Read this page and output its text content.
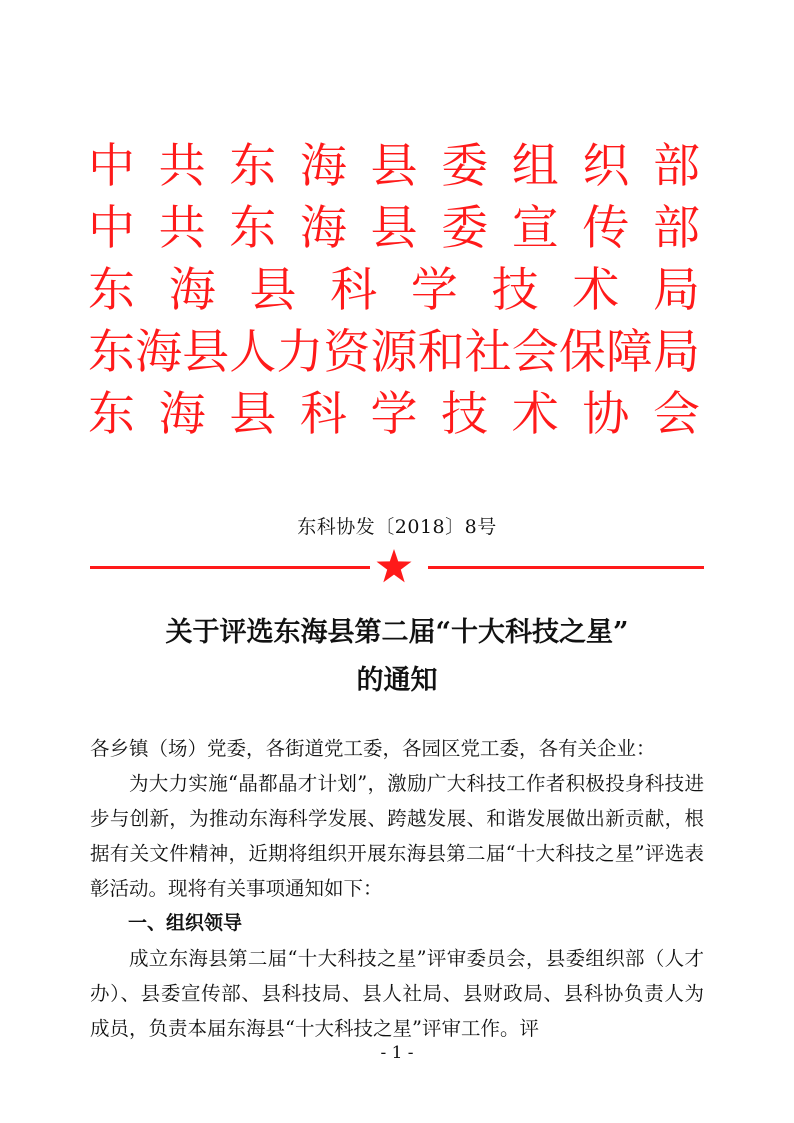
中共东海县委组织部
中共东海县委宣传部
东海县科学技术局
东海县人力资源和社会保障局
东海县科学技术协会
东科协发〔2018〕8号
关于评选东海县第二届“十大科技之星”
的通知

各乡镇（场）党委，各街道党工委，各园区党工委，各有关企业：

为大力实施“晶都晶才计划”，激励广大科技工作者积极投身科技进步与创新，为推动东海科学发展、跨越发展、和谐发展做出新贡献，根据有关文件精神，近期将组织开展东海县第二届“十大科技之星”评选表彰活动。现将有关事项通知如下：

一、组织领导

成立东海县第二届“十大科技之星”评审委员会，县委组织部（人才办）、县委宣传部、县科技局、县人社局、县财政局、县科协负责人为成员，负责本届东海县“十大科技之星”评审工作。评

- 1 -
